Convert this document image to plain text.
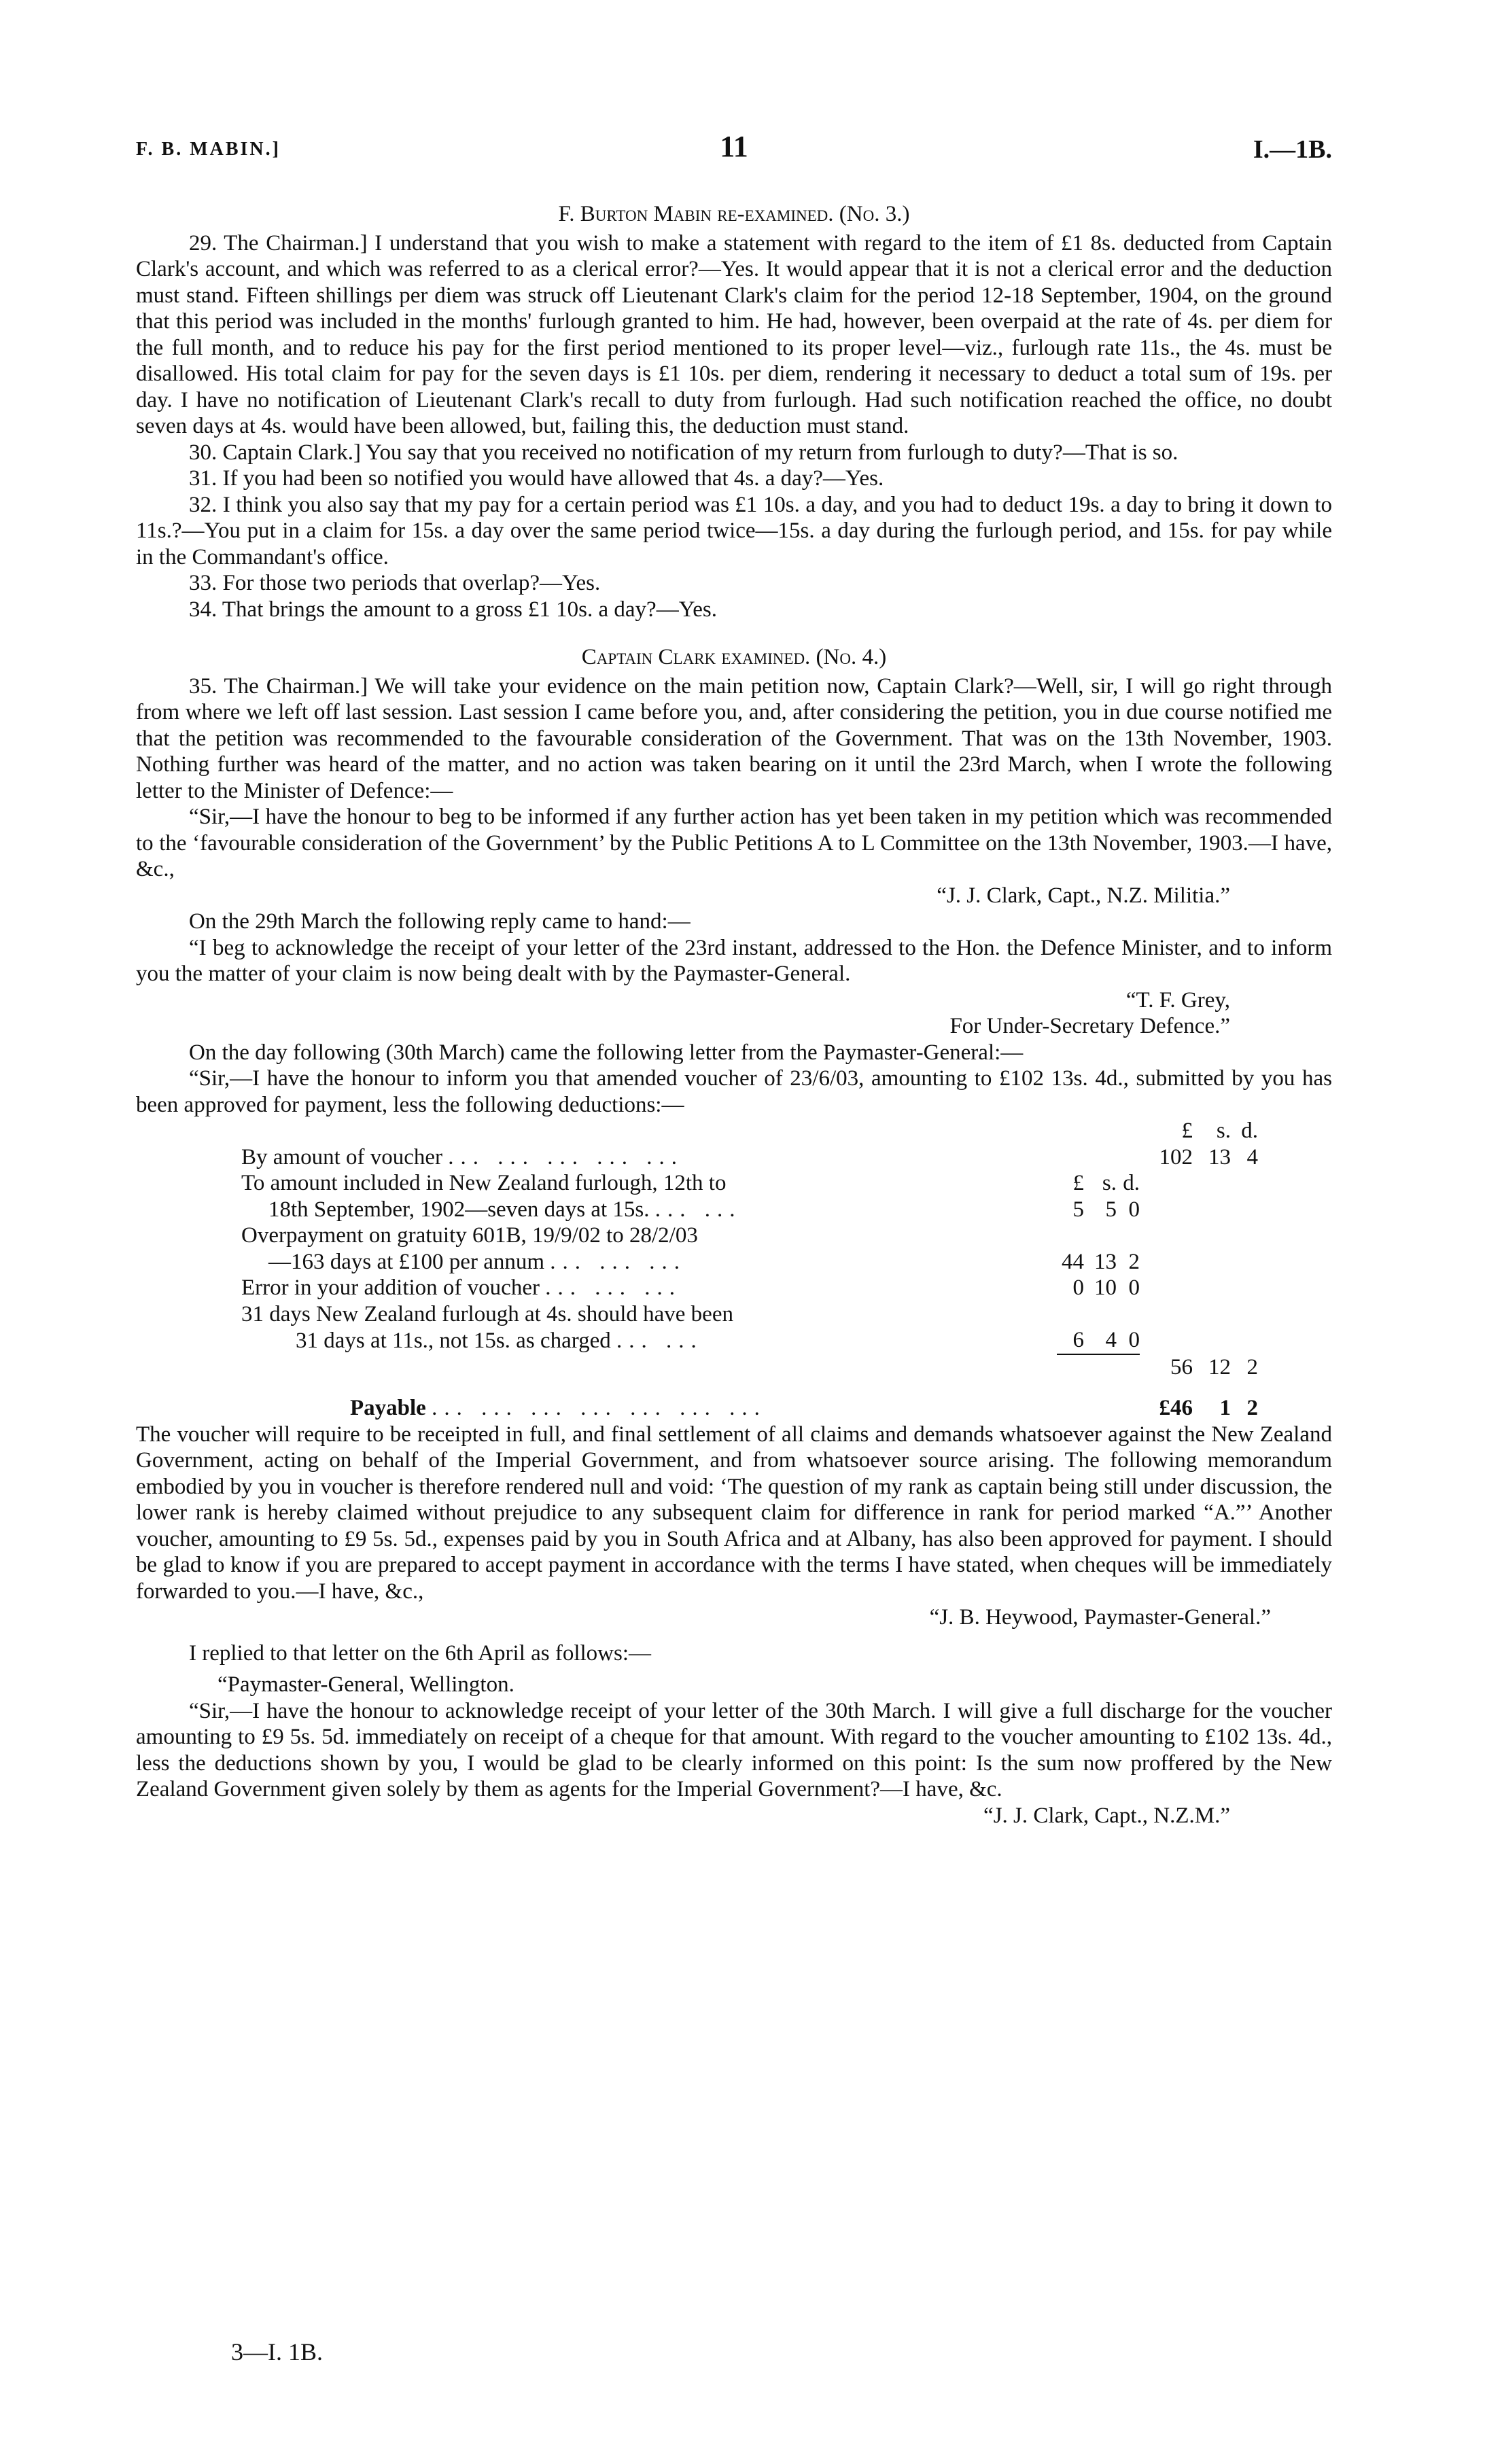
F. B. MABIN.]	11	I.—1B.

F. Burton Mabin re-examined. (No. 3.)

29. The Chairman.] I understand that you wish to make a statement with regard to the item of £1 8s. deducted from Captain Clark's account, and which was referred to as a clerical error?—Yes. It would appear that it is not a clerical error and the deduction must stand. Fifteen shillings per diem was struck off Lieutenant Clark's claim for the period 12-18 September, 1904, on the ground that this period was included in the months' furlough granted to him. He had, however, been overpaid at the rate of 4s. per diem for the full month, and to reduce his pay for the first period mentioned to its proper level—viz., furlough rate 11s., the 4s. must be disallowed. His total claim for pay for the seven days is £1 10s. per diem, rendering it necessary to deduct a total sum of 19s. per day. I have no notification of Lieutenant Clark's recall to duty from furlough. Had such notification reached the office, no doubt seven days at 4s. would have been allowed, but, failing this, the deduction must stand.

30. Captain Clark.] You say that you received no notification of my return from furlough to duty?—That is so.

31. If you had been so notified you would have allowed that 4s. a day?—Yes.

32. I think you also say that my pay for a certain period was £1 10s. a day, and you had to deduct 19s. a day to bring it down to 11s.?—You put in a claim for 15s. a day over the same period twice—15s. a day during the furlough period, and 15s. for pay while in the Commandant's office.

33. For those two periods that overlap?—Yes.

34. That brings the amount to a gross £1 10s. a day?—Yes.

Captain Clark examined. (No. 4.)

35. The Chairman.] We will take your evidence on the main petition now, Captain Clark?—Well, sir, I will go right through from where we left off last session. Last session I came before you, and, after considering the petition, you in due course notified me that the petition was recommended to the favourable consideration of the Government. That was on the 13th November, 1903. Nothing further was heard of the matter, and no action was taken bearing on it until the 23rd March, when I wrote the following letter to the Minister of Defence:—

“Sir,—I have the honour to beg to be informed if any further action has yet been taken in my petition which was recommended to the ‘favourable consideration of the Government’ by the Public Petitions A to L Committee on the 13th November, 1903.—I have, &c.,

“J. J. Clark, Capt., N.Z. Militia.”

On the 29th March the following reply came to hand:—

“I beg to acknowledge the receipt of your letter of the 23rd instant, addressed to the Hon. the Defence Minister, and to inform you the matter of your claim is now being dealt with by the Paymaster-General.

“T. F. Grey,

For Under-Secretary Defence.”

On the day following (30th March) came the following letter from the Paymaster-General:—

“Sir,—I have the honour to inform you that amended voucher of 23/6/03, amounting to £102 13s. 4d., submitted by you has been approved for payment, less the following deductions:—

				£	s.	d.
By amount of voucher ... ... ... ... ...				102	13	4
To amount included in New Zealand furlough, 12th to	£	s.	d.			
18th September, 1902—seven days at 15s. ... ...	5	5	0			
Overpayment on gratuity 601B, 19/9/02 to 28/2/03						
—163 days at £100 per annum ... ... ...	44	13	2			
Error in your addition of voucher ... ... ...	0	10	0			
31 days New Zealand furlough at 4s. should have been						
31 days at 11s., not 15s. as charged ... ...	6	4	0			
				56	12	2
Payable ... ... ... ... ... ... ...				£46	1	2

The voucher will require to be receipted in full, and final settlement of all claims and demands whatsoever against the New Zealand Government, acting on behalf of the Imperial Government, and from whatsoever source arising. The following memorandum embodied by you in voucher is therefore rendered null and void: ‘The question of my rank as captain being still under discussion, the lower rank is hereby claimed without prejudice to any subsequent claim for difference in rank for period marked “A.”’ Another voucher, amounting to £9 5s. 5d., expenses paid by you in South Africa and at Albany, has also been approved for payment. I should be glad to know if you are prepared to accept payment in accordance with the terms I have stated, when cheques will be immediately forwarded to you.—I have, &c.,

“J. B. Heywood, Paymaster-General.”

I replied to that letter on the 6th April as follows:—

“Paymaster-General, Wellington.

“Sir,—I have the honour to acknowledge receipt of your letter of the 30th March. I will give a full discharge for the voucher amounting to £9 5s. 5d. immediately on receipt of a cheque for that amount. With regard to the voucher amounting to £102 13s. 4d., less the deductions shown by you, I would be glad to be clearly informed on this point: Is the sum now proffered by the New Zealand Government given solely by them as agents for the Imperial Government?—I have, &c.

“J. J. Clark, Capt., N.Z.M.”

3—I. 1B.
